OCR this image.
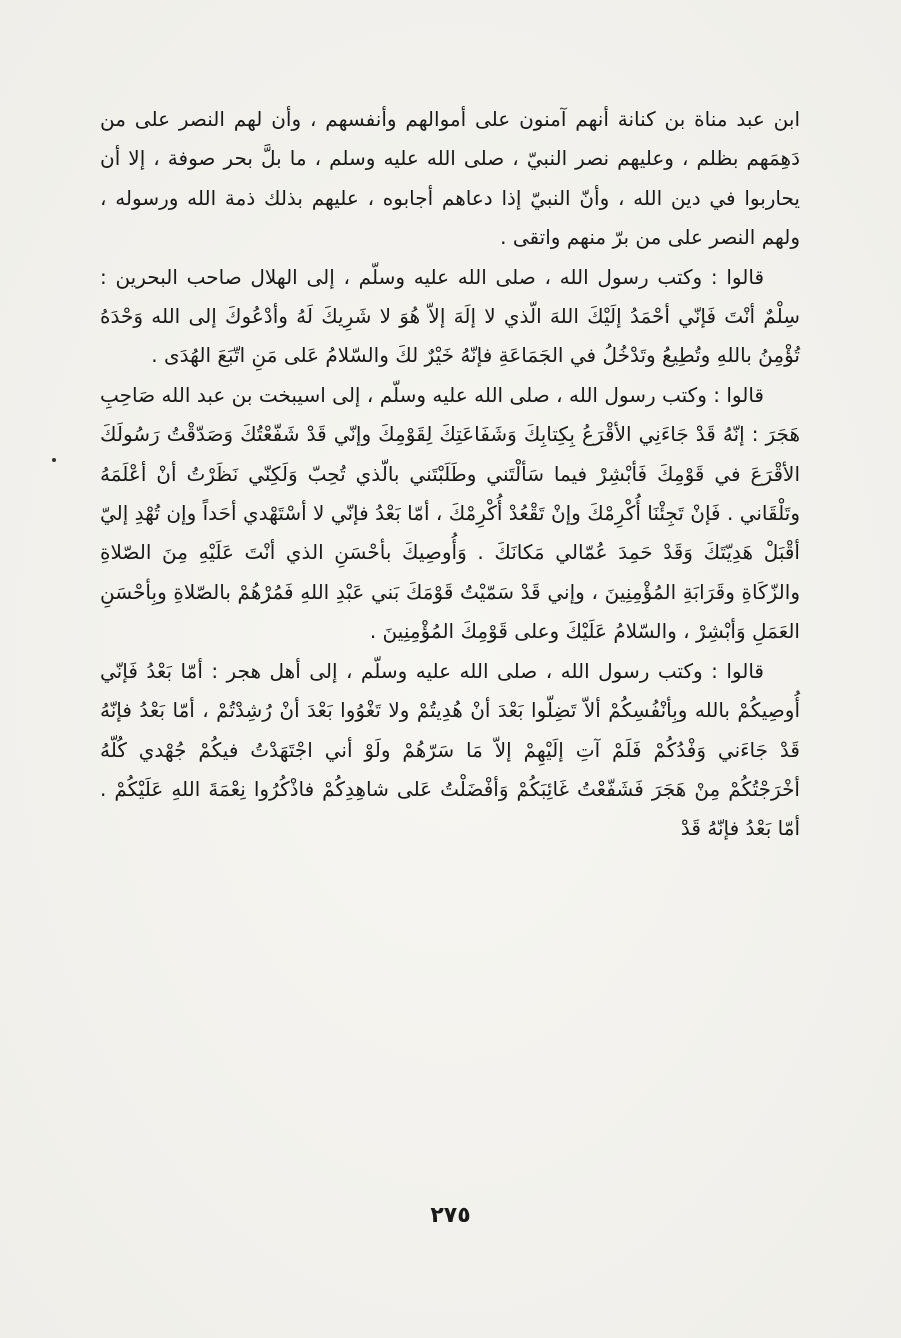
ابن عبد مناة بن كنانة أنهم آمنون على أموالهم وأنفسهم ، وأن لهم النصر على من دَهِمَهم بظلم ، وعليهم نصر النبيّ ، صلى الله عليه وسلم ، ما بلَّ بحر صوفة ، إلا أن يحاربوا في دين الله ، وأنّ النبيّ إذا دعاهم أجابوه ، عليهم بذلك ذمة الله ورسوله ، ولهم النصر على من برّ منهم واتقى .

قالوا : وكتب رسول الله ، صلى الله عليه وسلّم ، إلى الهلال صاحب البحرين : سِلْمٌ أنْتَ فَإنّي أحْمَدُ إلَيْكَ اللهَ الّذي لا إلَهَ إلاّ هُوَ لا شَرِيكَ لَهُ وأدْعُوكَ إلى الله وَحْدَهُ تُؤْمِنُ باللهِ وتُطِيعُ وتَدْخُلُ في الجَمَاعَةِ فإنّهُ خَيْرٌ لكَ والسّلامُ عَلى مَنِ اتّبَعَ الهُدَى .

قالوا : وكتب رسول الله ، صلى الله عليه وسلّم ، إلى اسيبخت بن عبد الله صَاحِبِ هَجَرَ : إنّهُ قَدْ جَاءَنِي الأقْرَعُ بِكِتابِكَ وَشَفَاعَتِكَ لِقَوْمِكَ وإنّي قَدْ شَفّعْتُكَ وَصَدّقْتُ رَسُولَكَ الأقْرَعَ في قَوْمِكَ فَأبْشِرْ فيما سَألْتَني وطَلَبْتَني بالّذي تُحِبّ وَلَكِنّي نَظَرْتُ أنْ أعْلَمَهُ وتَلْقَاني . فَإنْ تَجِئْنَا أُكْرِمْكَ وإنْ تَقْعُدْ أُكْرِمْكَ ، أمّا بَعْدُ فإنّي لا أسْتَهْدي أحَداً وإن تُهْدِ إليّ أقْبَلْ هَدِيّتَكَ وَقَدْ حَمِدَ عُمّالي مَكانَكَ . وَأُوصِيكَ بأحْسَنِ الذي أنْتَ عَلَيْهِ مِنَ الصّلاةِ والزّكَاةِ وقَرَابَةِ المُؤْمِنِينَ ، وإني قَدْ سَمّيْتُ قَوْمَكَ بَني عَبْدِ اللهِ فَمُرْهُمْ بالصّلاةِ وبِأحْسَنِ العَمَلِ وَأبْشِرْ ، والسّلامُ عَلَيْكَ وعلى قَوْمِكَ المُؤْمِنِينَ .

قالوا : وكتب رسول الله ، صلى الله عليه وسلّم ، إلى أهل هجر : أمّا بَعْدُ فَإنّي أُوصِيكُمْ بالله وبِأنْفُسِكُمْ ألاّ تَضِلّوا بَعْدَ أنْ هُدِيتُمْ ولا تَغْوُوا بَعْدَ أنْ رُشِدْتُمْ ، أمّا بَعْدُ فإنّهُ قَدْ جَاءَني وَفْدُكُمْ فَلَمْ آتِ إلَيْهِمْ إلاّ مَا سَرّهُمْ ولَوْ أني اجْتَهَدْتُ فيكُمْ جُهْدي كُلّهُ أخْرَجْتُكُمْ مِنْ هَجَرَ فَشَفّعْتُ غَائِبَكُمْ وَأفْضَلْتُ عَلى شاهِدِكُمْ فاذْكُرُوا نِعْمَةَ اللهِ عَلَيْكُمْ . أمّا بَعْدُ فإنّهُ قَدْ

٢٧٥
